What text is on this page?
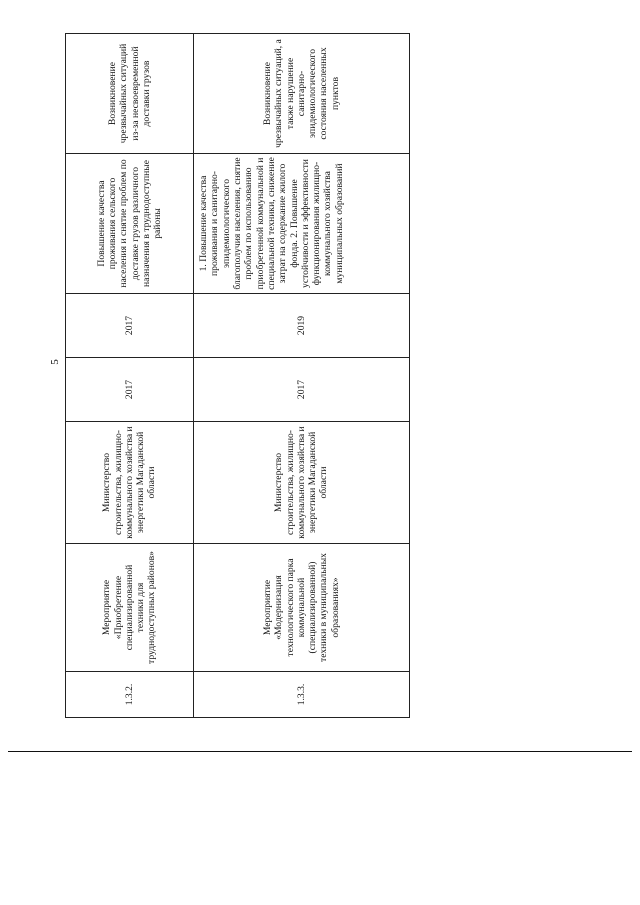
5
1.3.2.	Мероприятие «Приобретение специализированной техники для труднодоступных районов»	Министерство строительства, жилищно-коммунального хозяйства и энергетики Магаданской области	2017	2017	Повышение качества проживания сельского населения и снятие проблем по доставке грузов различного назначения в труднодоступные районы	Возникновение чрезвычайных ситуаций из-за несвоевременной доставки грузов
1.3.3.	Мероприятие «Модернизация технологического парка коммунальной (специализированной) техники в муниципальных образованиях»	Министерство строительства, жилищно-коммунального хозяйства и энергетики Магаданской области	2017	2019	1. Повышение качества проживания и санитарно-эпидемиологического благополучия населения, снятие проблем по использованию приобретенной коммунальной и специальной техники, снижение затрат на содержание жилого фонда. 2. Повышение устойчивости и эффективности функционирования жилищно-коммунального хозяйства муниципальных образований	Возникновение чрезвычайных ситуаций, а также нарушение санитарно-эпидемиологического состояния населенных пунктов
